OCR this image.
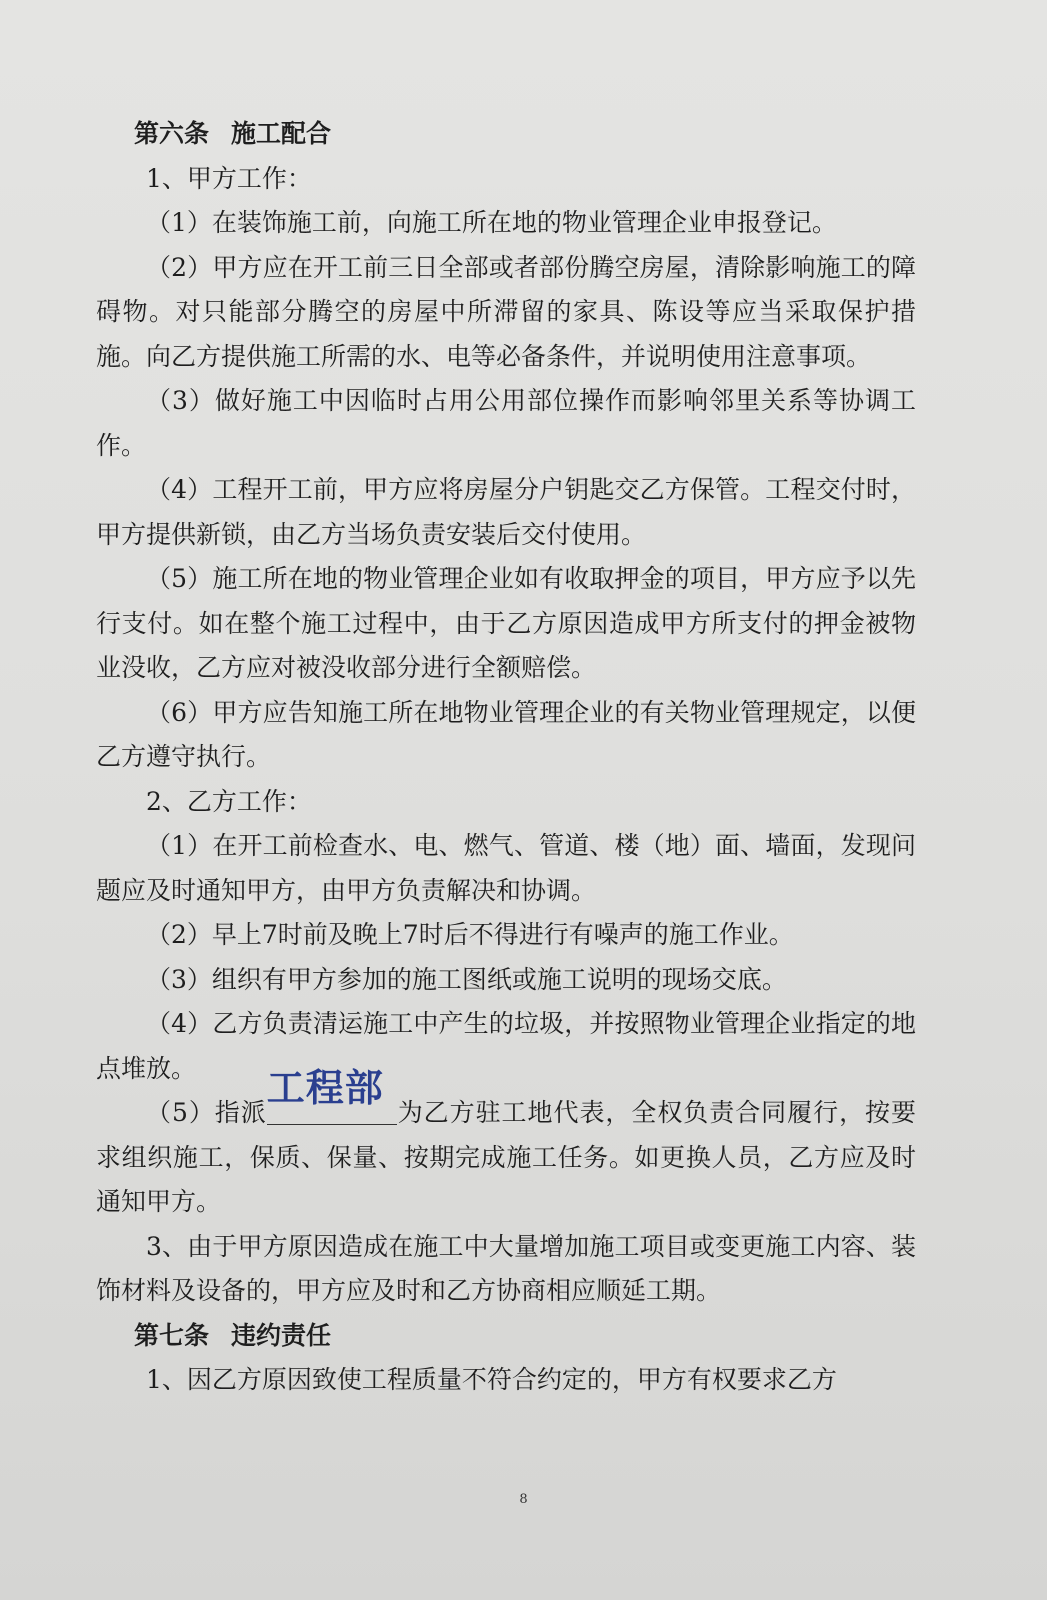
第六条 施工配合
1、甲方工作：
（1）在装饰施工前，向施工所在地的物业管理企业申报登记。
（2）甲方应在开工前三日全部或者部份腾空房屋，清除影响施工的障碍物。对只能部分腾空的房屋中所滞留的家具、陈设等应当采取保护措施。向乙方提供施工所需的水、电等必备条件，并说明使用注意事项。
（3）做好施工中因临时占用公用部位操作而影响邻里关系等协调工作。
（4）工程开工前，甲方应将房屋分户钥匙交乙方保管。工程交付时，甲方提供新锁，由乙方当场负责安装后交付使用。
（5）施工所在地的物业管理企业如有收取押金的项目，甲方应予以先行支付。如在整个施工过程中，由于乙方原因造成甲方所支付的押金被物业没收，乙方应对被没收部分进行全额赔偿。
（6）甲方应告知施工所在地物业管理企业的有关物业管理规定，以便乙方遵守执行。
2、乙方工作：
（1）在开工前检查水、电、燃气、管道、楼（地）面、墙面，发现问题应及时通知甲方，由甲方负责解决和协调。
（2）早上7时前及晚上7时后不得进行有噪声的施工作业。
（3）组织有甲方参加的施工图纸或施工说明的现场交底。
（4）乙方负责清运施工中产生的垃圾，并按照物业管理企业指定的地点堆放。
（5）指派
工程部
为乙方驻工地代表，全权负责合同履行，按要求组织施工，保质、保量、按期完成施工任务。如更换人员，乙方应及时通知甲方。
3、由于甲方原因造成在施工中大量增加施工项目或变更施工内容、装饰材料及设备的，甲方应及时和乙方协商相应顺延工期。
第七条 违约责任
1、因乙方原因致使工程质量不符合约定的，甲方有权要求乙方
8
